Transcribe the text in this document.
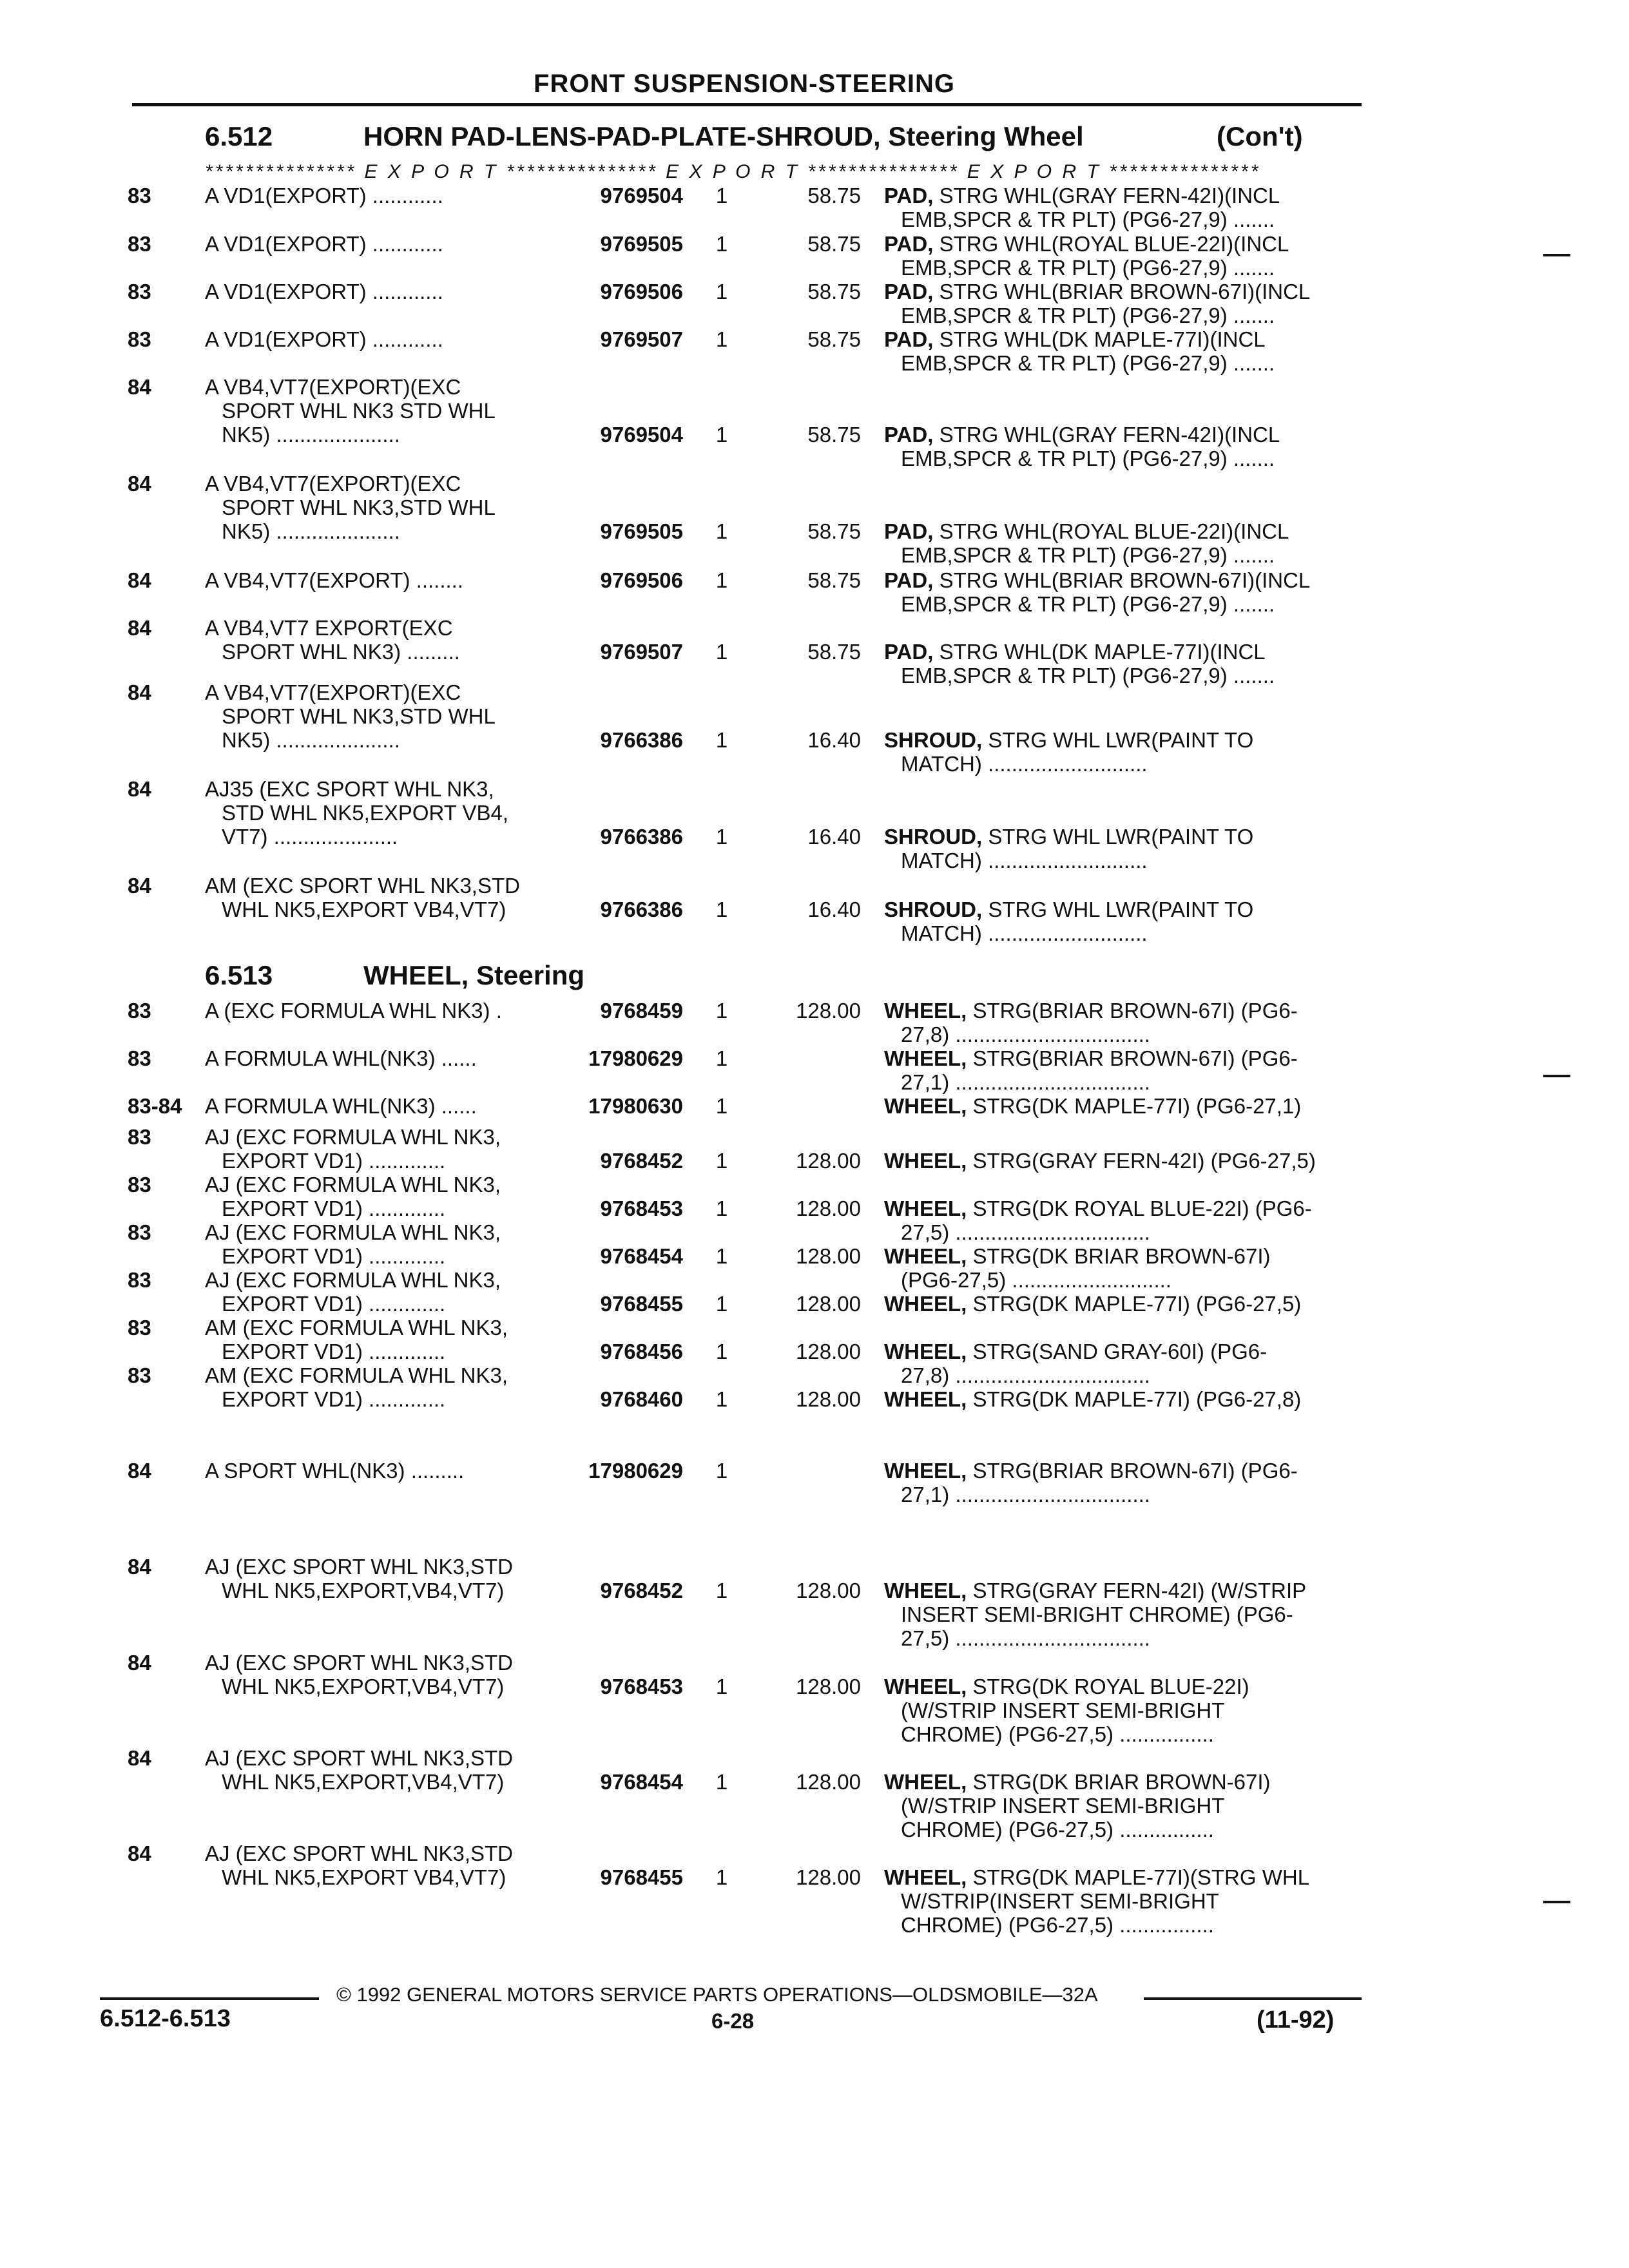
FRONT SUSPENSION-STEERING
6.512	HORN PAD-LENS-PAD-PLATE-SHROUD, Steering Wheel	(Con't)
*************** E X P O R T *************** E X P O R T *************** E X P O R T ***************
83	A VD1(EXPORT) ............	9769504	1	58.75 PAD, STRG WHL(GRAY FERN-42I)(INCL
EMB,SPCR & TR PLT) (PG6-27,9) .......
83	A VD1(EXPORT) ............	9769505	1	58.75 PAD, STRG WHL(ROYAL BLUE-22I)(INCL
EMB,SPCR & TR PLT) (PG6-27,9) .......
83	A VD1(EXPORT) ............	9769506	1	58.75 PAD, STRG WHL(BRIAR BROWN-67I)(INCL
EMB,SPCR & TR PLT) (PG6-27,9) .......
83	A VD1(EXPORT) ............	9769507	1	58.75 PAD, STRG WHL(DK MAPLE-77I)(INCL
EMB,SPCR & TR PLT) (PG6-27,9) .......
84	A VB4,VT7(EXPORT)(EXC
SPORT WHL NK3 STD WHL
NK5) .....................	9769504	1	58.75 PAD, STRG WHL(GRAY FERN-42I)(INCL
EMB,SPCR & TR PLT) (PG6-27,9) .......
84	A VB4,VT7(EXPORT)(EXC
SPORT WHL NK3,STD WHL
NK5) .....................	9769505	1	58.75 PAD, STRG WHL(ROYAL BLUE-22I)(INCL
EMB,SPCR & TR PLT) (PG6-27,9) .......
84	A VB4,VT7(EXPORT) ........	9769506	1	58.75 PAD, STRG WHL(BRIAR BROWN-67I)(INCL
EMB,SPCR & TR PLT) (PG6-27,9) .......
84	A VB4,VT7 EXPORT(EXC
SPORT WHL NK3) .........	9769507	1	58.75 PAD, STRG WHL(DK MAPLE-77I)(INCL
EMB,SPCR & TR PLT) (PG6-27,9) .......
84	A VB4,VT7(EXPORT)(EXC
SPORT WHL NK3,STD WHL
NK5) .....................	9766386	1	16.40 SHROUD, STRG WHL LWR(PAINT TO
MATCH) ...........................
84	AJ35 (EXC SPORT WHL NK3,
STD WHL NK5,EXPORT VB4,
VT7) .....................	9766386	1	16.40 SHROUD, STRG WHL LWR(PAINT TO
MATCH) ...........................
84	AM (EXC SPORT WHL NK3,STD
WHL NK5,EXPORT VB4,VT7)	9766386	1	16.40 SHROUD, STRG WHL LWR(PAINT TO
MATCH) ...........................
6.513	WHEEL, Steering
83	A (EXC FORMULA WHL NK3) .	9768459	1	128.00 WHEEL, STRG(BRIAR BROWN-67I) (PG6-
27,8) .................................
83	A FORMULA WHL(NK3) ......	17980629	1	WHEEL, STRG(BRIAR BROWN-67I) (PG6-
27,1) .................................
83-84 A FORMULA WHL(NK3) ......	17980630	1	WHEEL, STRG(DK MAPLE-77I) (PG6-27,1)
83	AJ (EXC FORMULA WHL NK3,
EXPORT VD1) .............	9768452	1	128.00 WHEEL, STRG(GRAY FERN-42I) (PG6-27,5)
83	AJ (EXC FORMULA WHL NK3,
EXPORT VD1) .............	9768453	1	128.00 WHEEL, STRG(DK ROYAL BLUE-22I) (PG6-
27,5) .................................
83	AJ (EXC FORMULA WHL NK3,
EXPORT VD1) .............	9768454	1	128.00 WHEEL, STRG(DK BRIAR BROWN-67I)
(PG6-27,5) ...........................
83	AJ (EXC FORMULA WHL NK3,
EXPORT VD1) .............	9768455	1	128.00 WHEEL, STRG(DK MAPLE-77I) (PG6-27,5)
83	AM (EXC FORMULA WHL NK3,
EXPORT VD1) .............	9768456	1	128.00 WHEEL, STRG(SAND GRAY-60I) (PG6-
27,8) .................................
83	AM (EXC FORMULA WHL NK3,
EXPORT VD1) .............	9768460	1	128.00 WHEEL, STRG(DK MAPLE-77I) (PG6-27,8)
84	A SPORT WHL(NK3) .........	17980629	1	WHEEL, STRG(BRIAR BROWN-67I) (PG6-
27,1) .................................
84	AJ (EXC SPORT WHL NK3,STD
WHL NK5,EXPORT,VB4,VT7)	9768452	1	128.00 WHEEL, STRG(GRAY FERN-42I) (W/STRIP
INSERT SEMI-BRIGHT CHROME) (PG6-
27,5) .................................
84	AJ (EXC SPORT WHL NK3,STD
WHL NK5,EXPORT,VB4,VT7)	9768453	1	128.00 WHEEL, STRG(DK ROYAL BLUE-22I)
(W/STRIP INSERT SEMI-BRIGHT
CHROME) (PG6-27,5) ................
84	AJ (EXC SPORT WHL NK3,STD
WHL NK5,EXPORT,VB4,VT7)	9768454	1	128.00 WHEEL, STRG(DK BRIAR BROWN-67I)
(W/STRIP INSERT SEMI-BRIGHT
CHROME) (PG6-27,5) ................
84	AJ (EXC SPORT WHL NK3,STD
WHL NK5,EXPORT VB4,VT7)	9768455	1	128.00 WHEEL, STRG(DK MAPLE-77I)(STRG WHL
W/STRIP(INSERT SEMI-BRIGHT
CHROME) (PG6-27,5) ................
© 1992 GENERAL MOTORS SERVICE PARTS OPERATIONS—OLDSMOBILE—32A
6.512-6.513	6-28	(11-92)
